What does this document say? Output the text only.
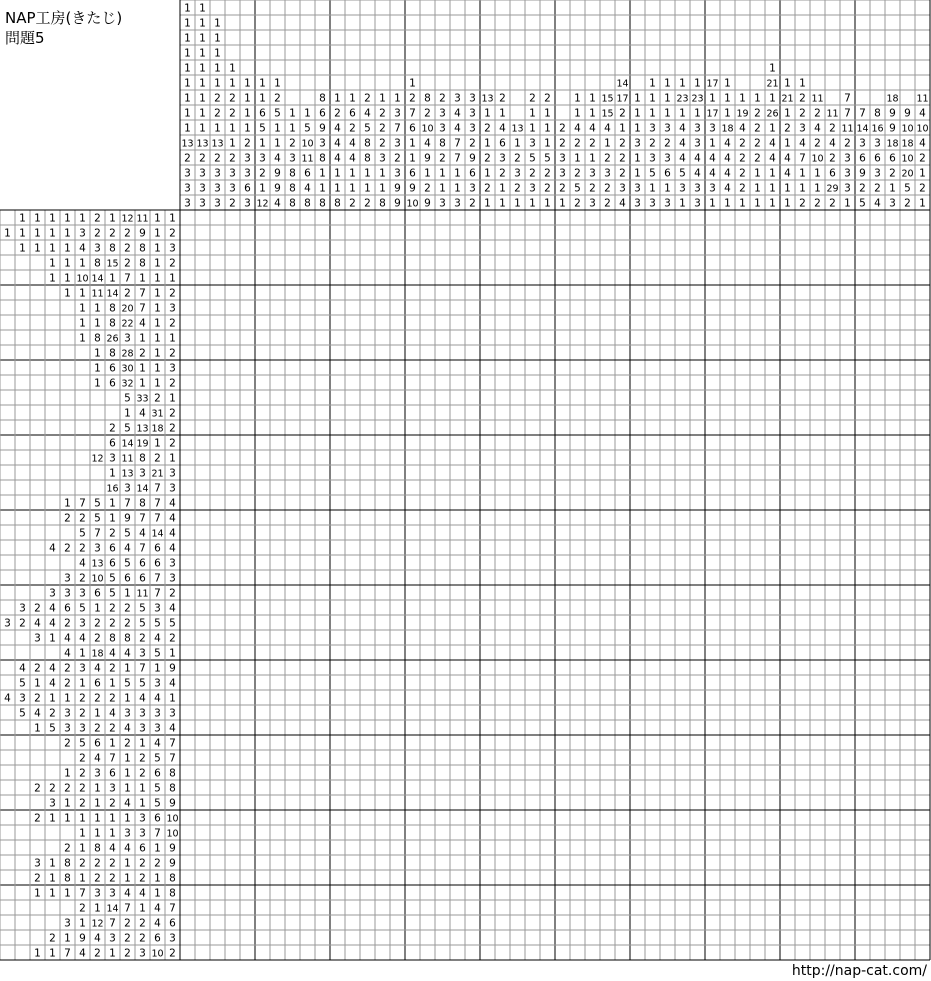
NAP工房(きたじ)
問題5
1
1
1
1
1
1
1
1
1
13
2
3
3
3
1
1
1
1
1
1
1
1
1
13
2
3
3
3
1
1
1
1
1
2
2
1
13
2
3
3
3
1
1
2
2
1
1
2
3
3
2
1
1
1
1
2
3
3
6
3
1
1
6
5
1
3
2
1
12
1
2
5
1
1
4
9
9
4
1
1
2
3
8
8
8
1
5
10
11
6
4
8
8
6
9
3
8
1
1
8
1
2
4
4
4
1
1
8
1
6
2
4
4
1
1
2
2
4
5
8
8
1
1
2
1
2
2
2
3
1
1
8
1
3
7
3
2
3
9
9
1
2
7
6
1
1
6
9
10
8
2
10
4
9
1
2
9
2
3
3
8
2
1
1
3
3
4
4
7
7
1
1
3
3
3
3
2
9
6
3
2
13
1
2
1
2
1
2
1
2
1
4
6
3
2
1
1
13
1
2
3
2
1
2
1
1
3
5
2
3
1
2
1
1
1
5
2
2
1
2
2
3
3
2
1
1
1
4
2
1
2
5
2
1
1
4
2
1
3
2
3
15
15
4
1
2
3
2
2
14
17
2
1
2
2
2
3
4
1
1
1
3
1
1
3
3
1
1
1
3
2
3
5
1
3
1
1
1
3
2
3
6
1
3
1
23
1
4
4
4
5
3
1
1
23
1
3
3
4
4
3
3
17
1
17
3
1
4
4
3
1
1
1
1
18
4
4
4
4
1
1
19
4
2
2
2
2
1
1
2
2
2
2
1
1
1
1
21
1
26
1
4
4
1
1
1
1
21
1
2
1
4
4
1
1
1
2
2
3
4
7
1
1
2
11
2
4
2
10
1
1
2
11
2
4
2
6
29
2
7
7
11
2
3
3
3
1
7
14
3
6
9
2
5
8
16
3
6
3
2
4
18
9
9
18
6
2
1
3
9
10
18
10
20
5
2
11
4
10
4
2
1
2
1
1 1 1 1 1 2 1 12 11 1 1
1 1 1 1 1 3 2 2 2 9 1 2
1 1 1 1 4 3 8 2 8 1 3
1 1 1 8 15 2 8 1 2
1 1 10 14 1 7 1 1 1
1 1 11 14 2 7 1 2
1 1 8 20 7 1 3
1 1 8 22 4 1 2
1 8 26 3 1 1 1
1 8 28 2 1 2
1 6 30 1 1 3
1 6 32 1 1 2
5 33 2 1
1 4 31 2
2 5 13 18 2
6 14 19 1 2
12 3 11 8 2 1
1 13 3 21 3
16 3 14 7 3
1 7 5 1 7 8 7 4
2 2 5 1 9 7 7 4
5 7 2 5 4 14 4
4 2 2 3 6 4 7 6 4
4 13 6 5 6 6 3
3 2 10 5 6 6 7 3
3 3 3 6 5 1 11 7 2
3 2 4 6 5 1 2 2 5 3 4
3 2 4 4 2 3 2 2 2 5 5 5
3 1 4 4 2 8 8 2 4 2
4 1 18 4 4 3 5 1
4 2 4 2 3 4 2 1 7 1 9
5 1 4 2 1 6 1 5 5 3 4
4 3 2 1 1 2 2 2 1 4 4 1
5 4 2 3 2 1 4 3 3 3 3
1 5 3 3 2 2 4 3 3 4
2 5 6 1 2 1 4 7
2 4 7 1 2 5 7
1 2 3 6 1 2 6 8
2 2 2 2 1 3 1 1 5 8
3 1 2 1 2 4 1 5 9
2 1 1 1 1 1 1 3 6 10
1 1 1 3 3 7 10
2 1 8 4 4 6 1 9
3 1 8 2 2 2 1 2 2 9
2 1 8 1 2 2 1 2 1 8
1 1 1 7 3 3 4 4 1 8
2 1 14 7 1 4 7
3 1 12 7 2 2 4 6
2 1 9 4 3 2 2 6 3
1 1 7 4 2 1 2 3 10 2
http://nap-cat.com/
